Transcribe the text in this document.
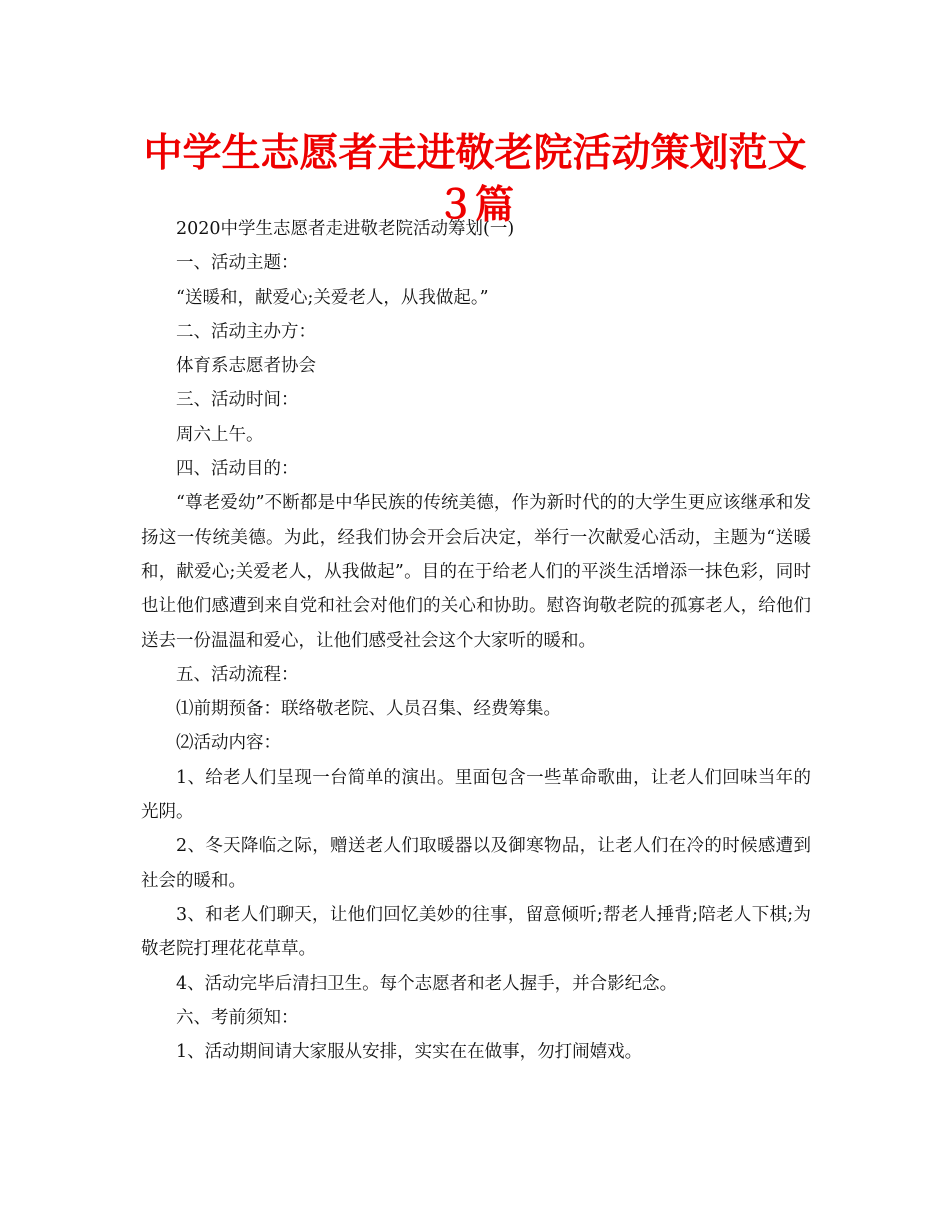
中学生志愿者走进敬老院活动策划范文３篇

2020中学生志愿者走进敬老院活动筹划(一)

一、活动主题：

“送暖和，献爱心;关爱老人，从我做起。”

二、活动主办方：

体育系志愿者协会

三、活动时间：

周六上午。

四、活动目的：

“尊老爱幼”不断都是中华民族的传统美德，作为新时代的的大学生更应该继承和发扬这一传统美德。为此，经我们协会开会后决定，举行一次献爱心活动，主题为“送暖和，献爱心;关爱老人，从我做起”。目的在于给老人们的平淡生活增添一抹色彩，同时也让他们感遭到来自党和社会对他们的关心和协助。慰咨询敬老院的孤寡老人，给他们送去一份温温和爱心，让他们感受社会这个大家听的暖和。

五、活动流程：

⑴前期预备：联络敬老院、人员召集、经费筹集。

⑵活动内容：

1、给老人们呈现一台简单的演出。里面包含一些革命歌曲，让老人们回味当年的光阴。

2、冬天降临之际，赠送老人们取暖器以及御寒物品，让老人们在冷的时候感遭到社会的暖和。

3、和老人们聊天，让他们回忆美妙的往事，留意倾听;帮老人捶背;陪老人下棋;为敬老院打理花花草草。

4、活动完毕后清扫卫生。每个志愿者和老人握手，并合影纪念。

六、考前须知：

1、活动期间请大家服从安排，实实在在做事，勿打闹嬉戏。
